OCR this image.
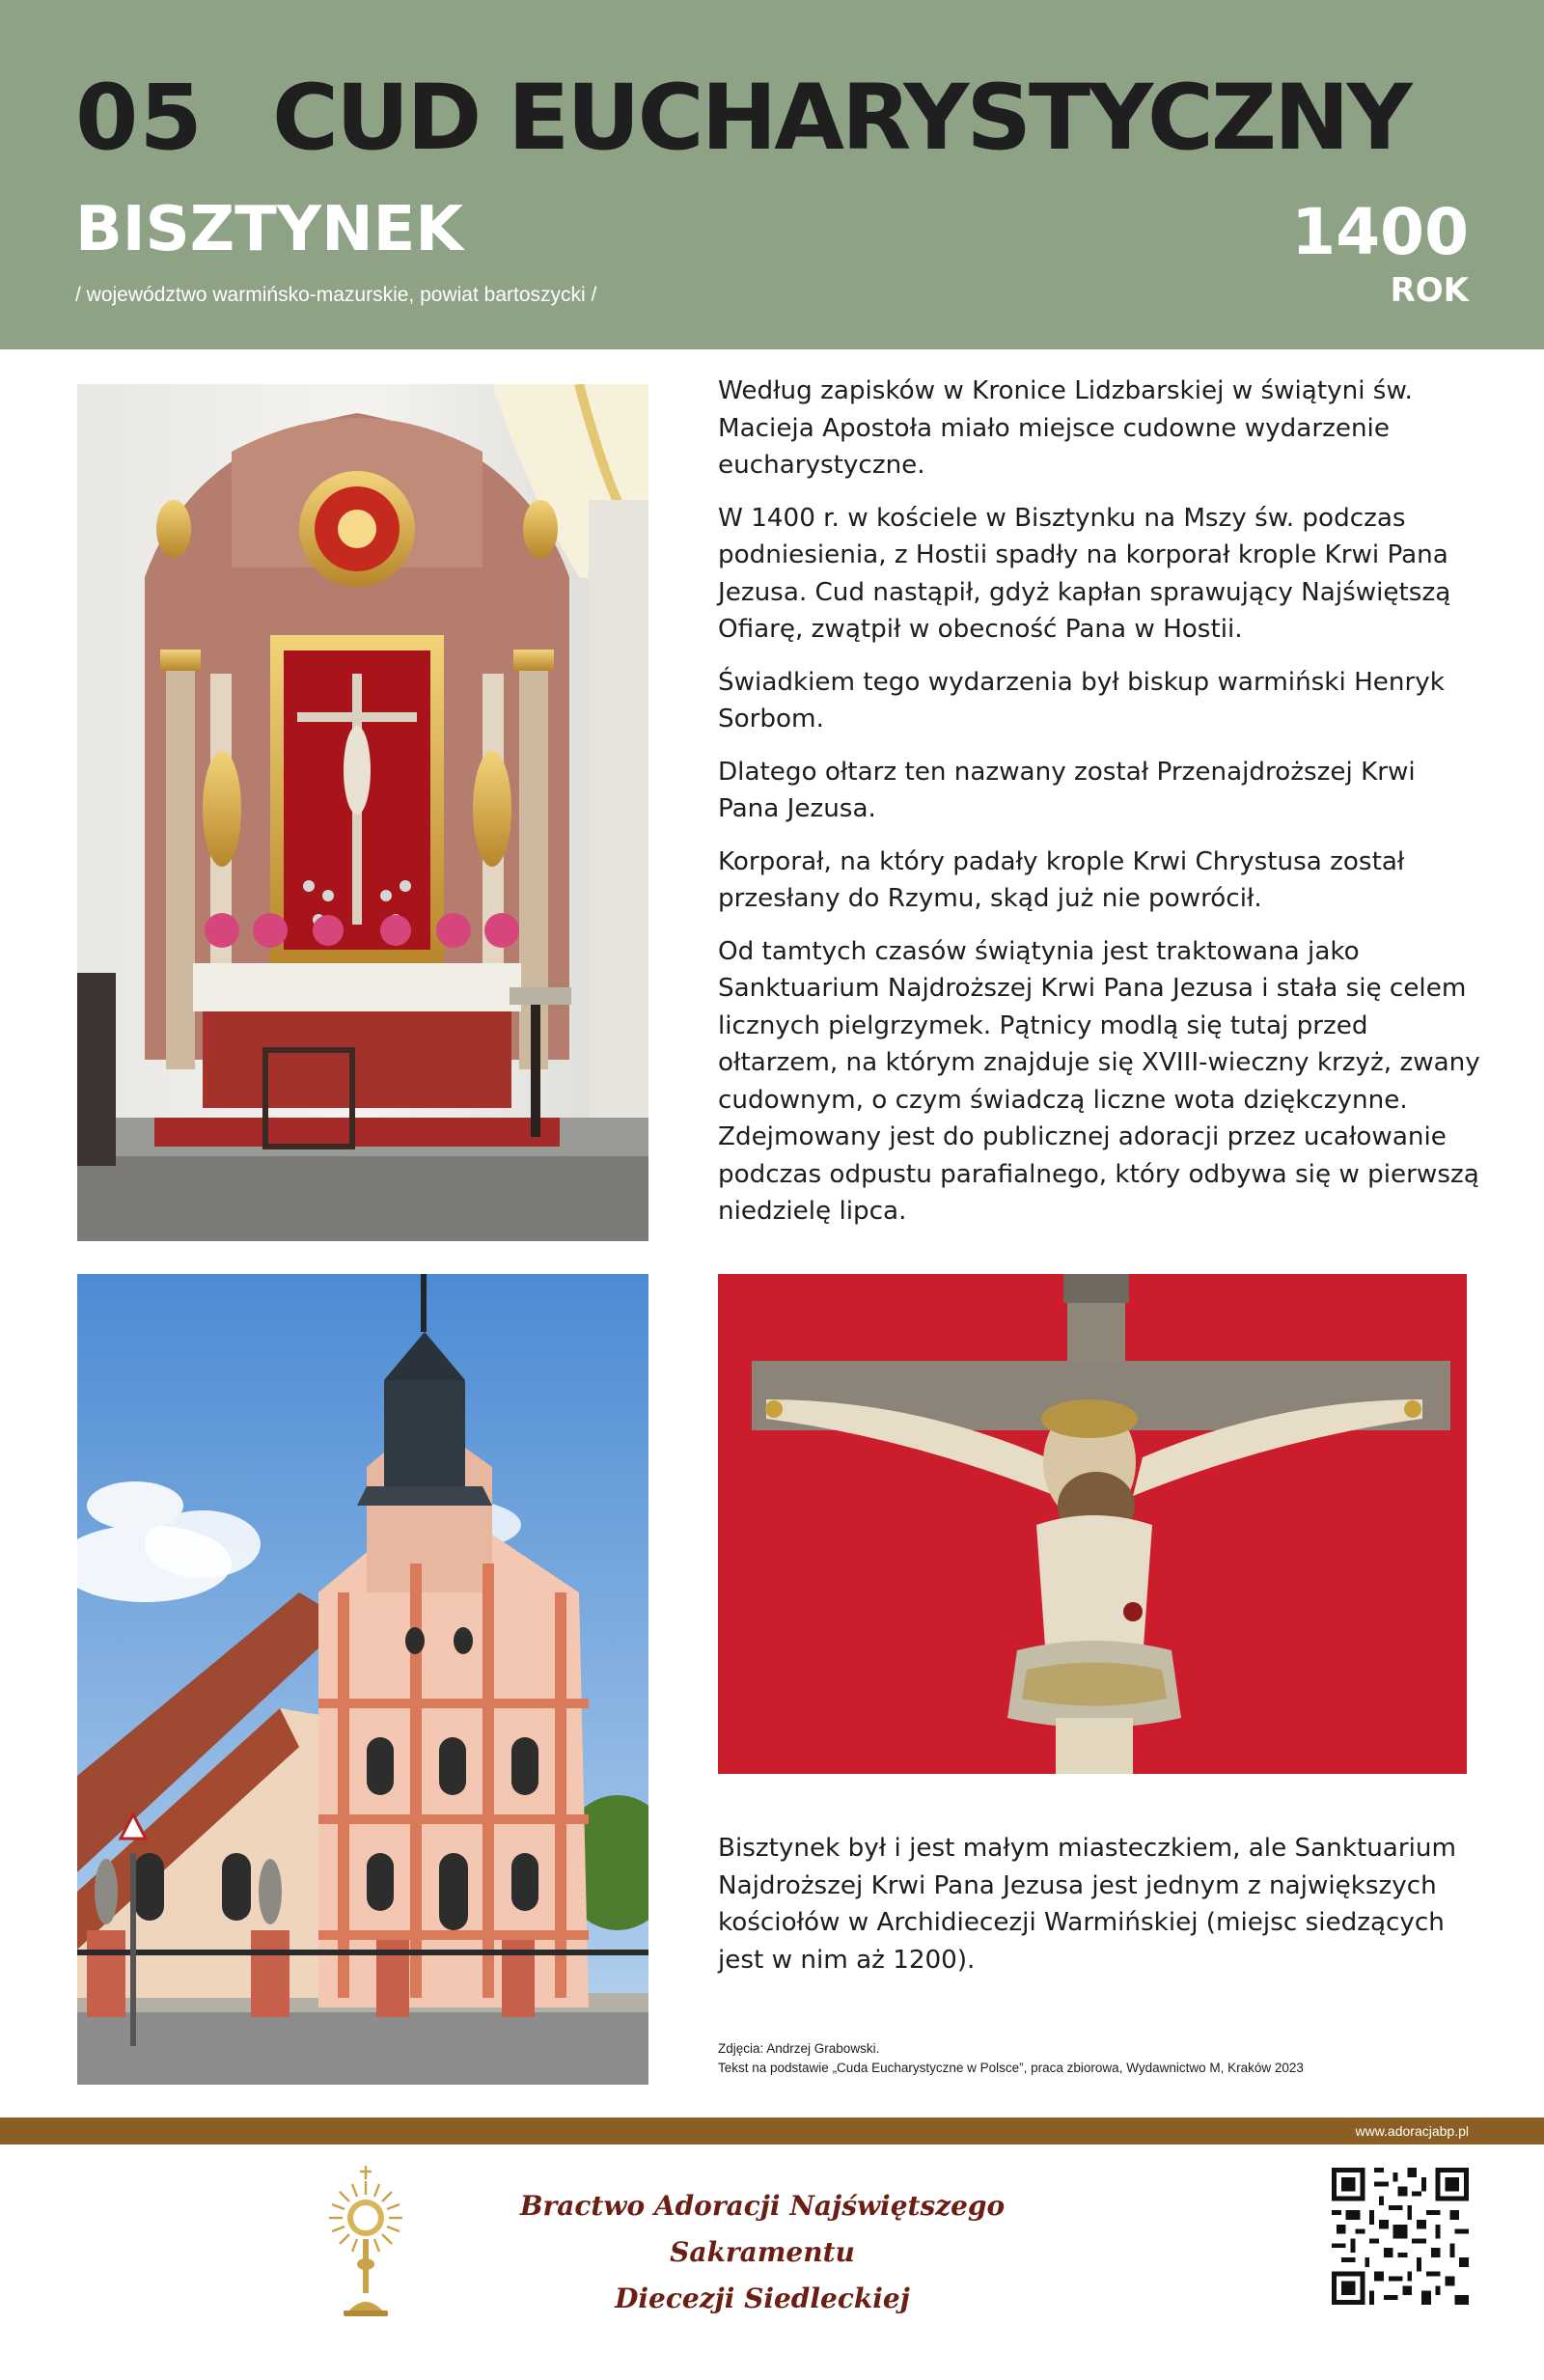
05 CUD EUCHARYSTYCZNY
BISZTYNEK
/ województwo warmińsko-mazurskie, powiat bartoszycki /
1400
ROK

Według zapisków w Kronice Lidzbarskiej w świątyni św. Macieja Apostoła miało miejsce cudowne wydarzenie eucharystyczne.

W 1400 r. w kościele w Bisztynku na Mszy św. podczas podniesienia, z Hostii spadły na korporał krople Krwi Pana Jezusa. Cud nastąpił, gdyż kapłan sprawujący Najświętszą Ofiarę, zwątpił w obecność Pana w Hostii.

Świadkiem tego wydarzenia był biskup warmiński Henryk Sorbom.

Dlatego ołtarz ten nazwany został Przenajdroższej Krwi Pana Jezusa.

Korporał, na który padały krople Krwi Chrystusa został przesłany do Rzymu, skąd już nie powrócił.

Od tamtych czasów świątynia jest traktowana jako Sanktuarium Najdroższej Krwi Pana Jezusa i stała się celem licznych pielgrzymek. Pątnicy modlą się tutaj przed ołtarzem, na którym znajduje się XVIII-wieczny krzyż, zwany cudownym, o czym świadczą liczne wota dziękczynne. Zdejmowany jest do publicznej adoracji przez ucałowanie podczas odpustu parafialnego, który odbywa się w pierwszą niedzielę lipca.

Bisztynek był i jest małym miasteczkiem, ale Sanktuarium Najdroższej Krwi Pana Jezusa jest jednym z największych kościołów w Archidiecezji Warmińskiej (miejsc siedzących jest w nim aż 1200).

Zdjęcia: Andrzej Grabowski.
Tekst na podstawie „Cuda Eucharystyczne w Polsce”, praca zbiorowa, Wydawnictwo M, Kraków 2023
www.adoracjabp.pl
Bractwo Adoracji Najświętszego Sakramentu
Diecezji Siedleckiej
